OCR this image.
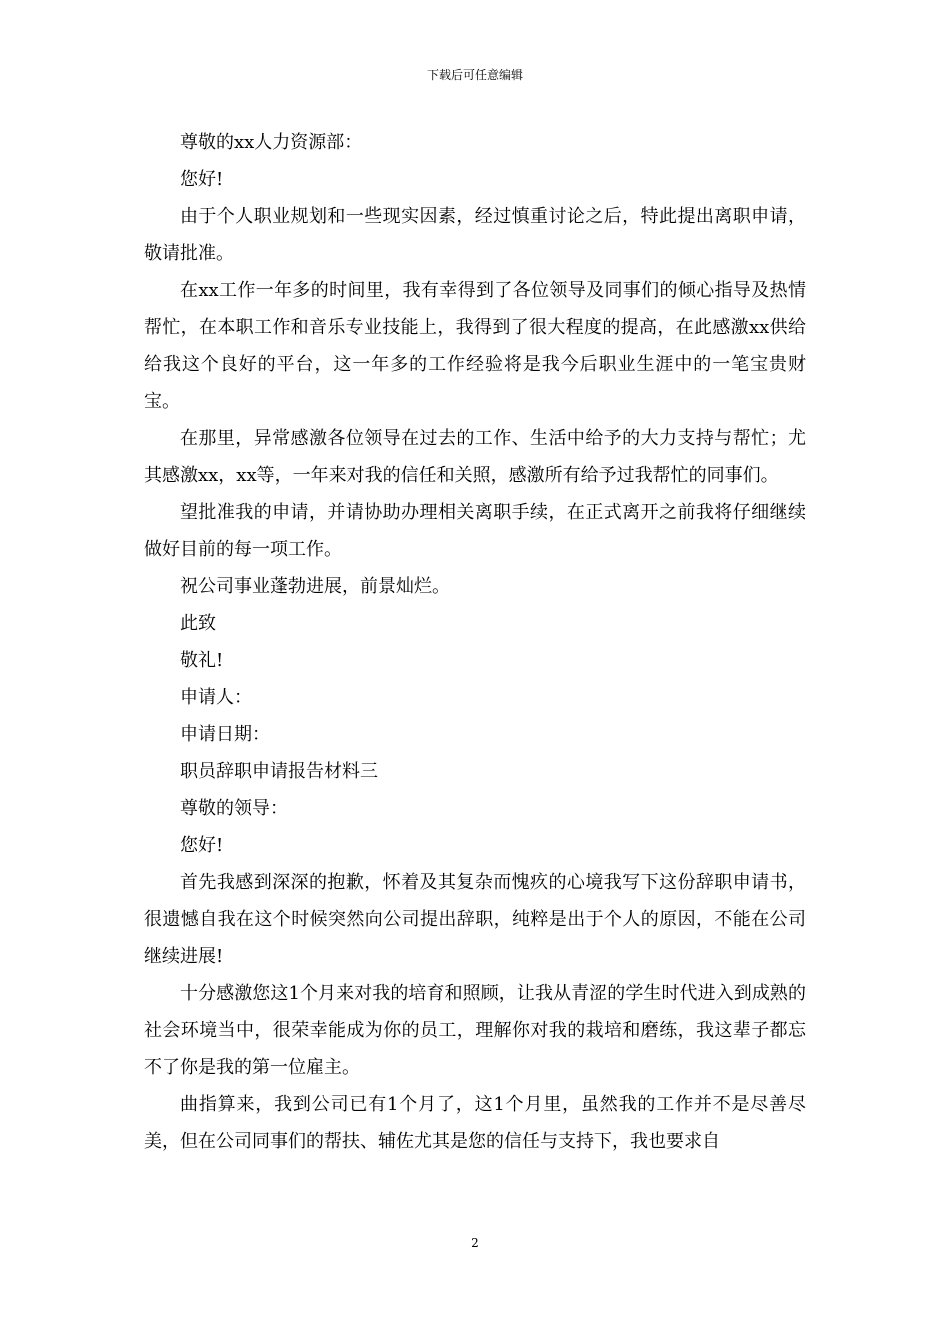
下载后可任意编辑

尊敬的xx人力资源部：

您好!

由于个人职业规划和一些现实因素，经过慎重讨论之后，特此提出离职申请，敬请批准。

在xx工作一年多的时间里，我有幸得到了各位领导及同事们的倾心指导及热情帮忙，在本职工作和音乐专业技能上，我得到了很大程度的提高，在此感激xx供给给我这个良好的平台，这一年多的工作经验将是我今后职业生涯中的一笔宝贵财宝。

在那里，异常感激各位领导在过去的工作、生活中给予的大力支持与帮忙；尤其感激xx，xx等，一年来对我的信任和关照，感激所有给予过我帮忙的同事们。

望批准我的申请，并请协助办理相关离职手续，在正式离开之前我将仔细继续做好目前的每一项工作。

祝公司事业蓬勃进展，前景灿烂。

此致

敬礼!

申请人：

申请日期：

职员辞职申请报告材料三

尊敬的领导：

您好!

首先我感到深深的抱歉，怀着及其复杂而愧疚的心境我写下这份辞职申请书，很遗憾自我在这个时候突然向公司提出辞职，纯粹是出于个人的原因，不能在公司继续进展!

十分感激您这1个月来对我的培育和照顾，让我从青涩的学生时代进入到成熟的社会环境当中，很荣幸能成为你的员工，理解你对我的栽培和磨练，我这辈子都忘不了你是我的第一位雇主。

曲指算来，我到公司已有1个月了，这1个月里，虽然我的工作并不是尽善尽美，但在公司同事们的帮扶、辅佐尤其是您的信任与支持下，我也要求自

2
